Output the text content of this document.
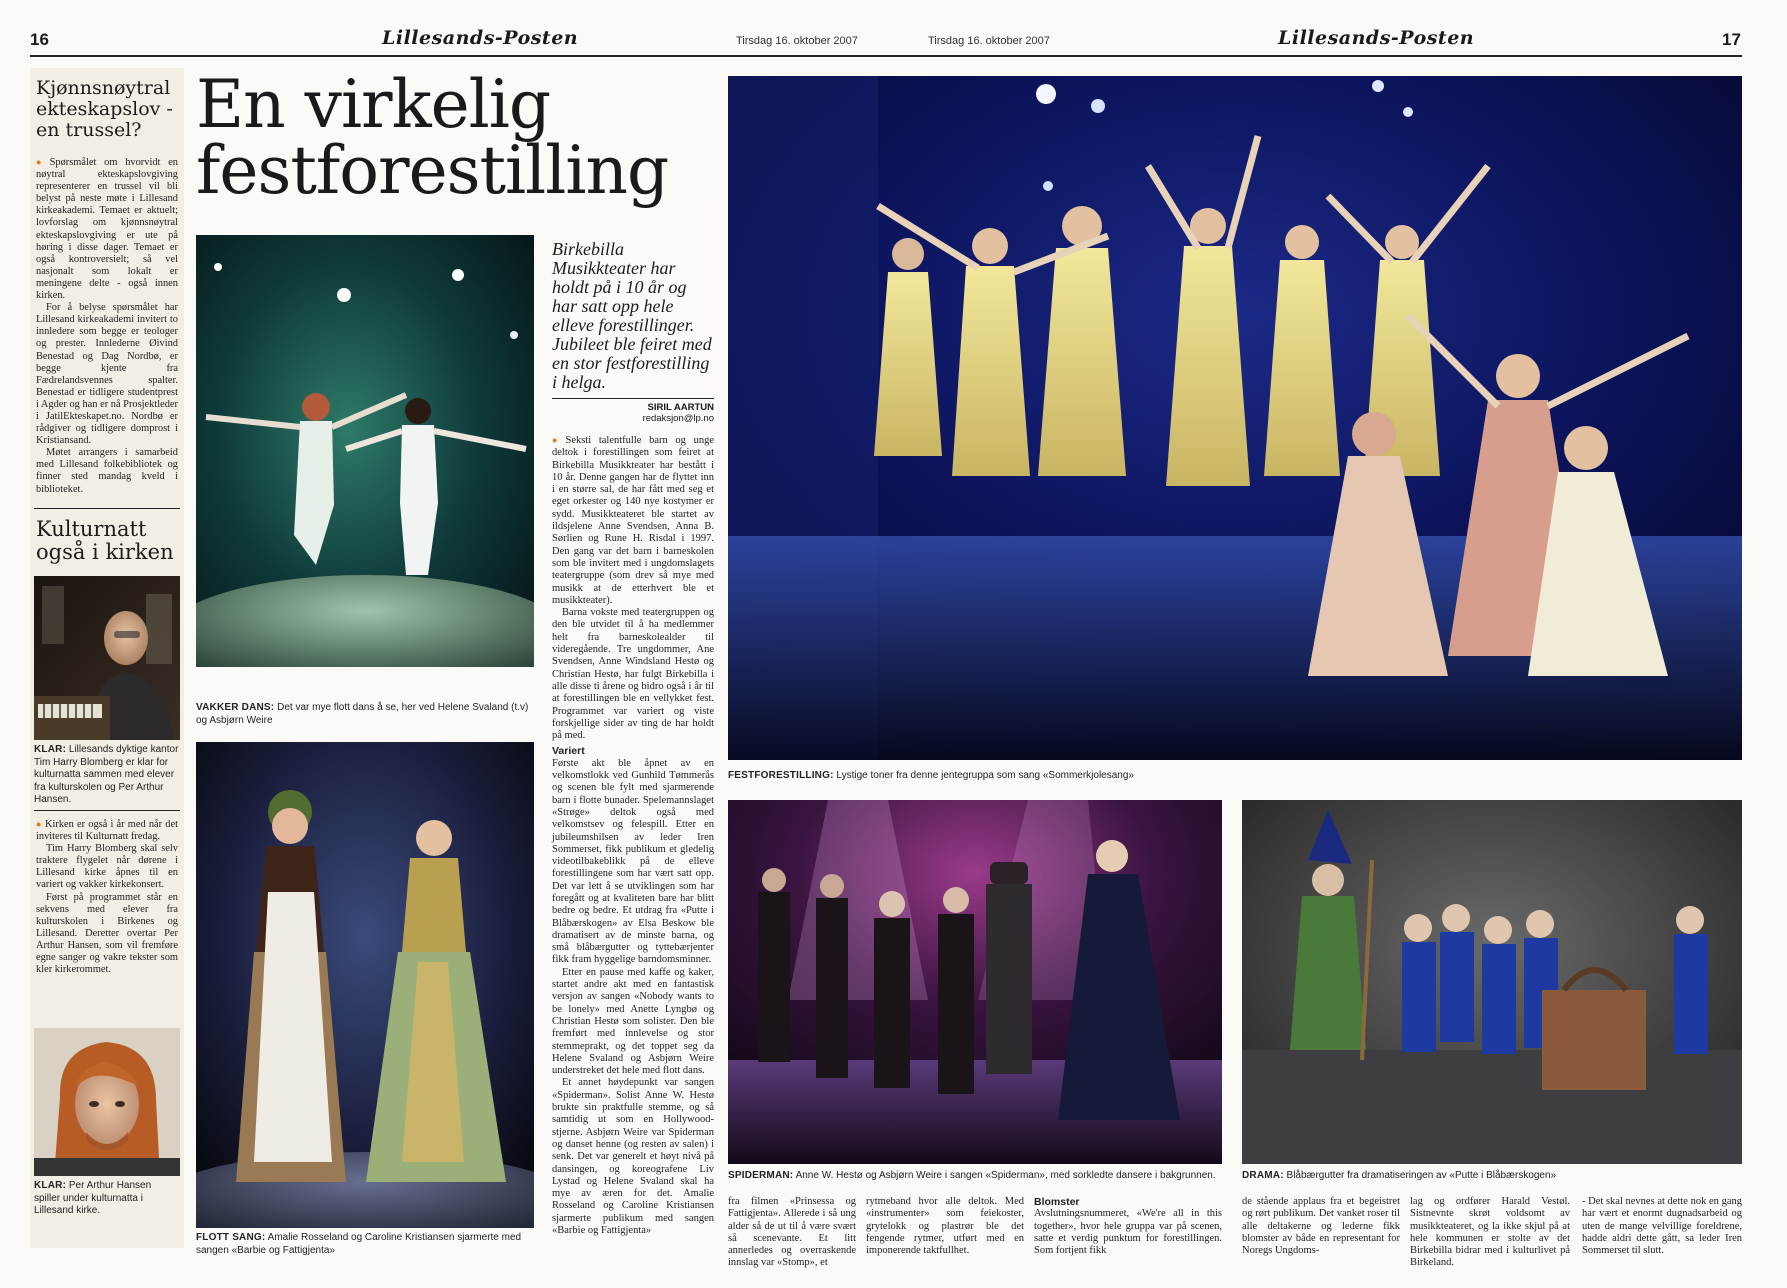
16	Lillesands-Posten	Tirsdag 16. oktober 2007	Tirsdag 16. oktober 2007	Lillesands-Posten	17
Kjønnsnøytral ekteskapslov - en trussel?

● Spørsmålet om hvorvidt en nøytral ekteskapslovgiving representerer en trussel vil bli belyst på neste møte i Lillesand kirkeakademi. Temaet er aktuelt; lovforslag om kjønnsnøytral ekteskapslovgiving er ute på høring i disse dager. Temaet er også kontroversielt; så vel nasjonalt som lokalt er meningene delte - også innen kirken.

For å belyse spørsmålet har Lillesand kirkeakademi invitert to innledere som begge er teologer og prester. Innlederne Øivind Benestad og Dag Nordbø, er begge kjente fra Fædrelandsvennes spalter. Benestad er tidligere studentprest i Agder og han er nå Prosjektleder i JatilEkteskapet.no. Nordbø er rådgiver og tidligere domprost i Kristiansand.

Møtet arrangers i samarbeid med Lillesand folkebibliotek og finner sted mandag kveld i biblioteket.

Kulturnatt også i kirken
KLAR: Lillesands dyktige kantor Tim Harry Blomberg er klar for kulturnatta sammen med elever fra kulturskolen og Per Arthur Hansen.

● Kirken er også i år med når det inviteres til Kulturnatt fredag.

Tim Harry Blomberg skal selv traktere flygelet når dørene i Lillesand kirke åpnes til en variert og vakker kirkekonsert.

Først på programmet står en sekvens med elever fra kulturskolen i Birkenes og Lillesand. Deretter overtar Per Arthur Hansen, som vil fremføre egne sanger og vakre tekster som kler kirkerommet.

KLAR: Per Arthur Hansen spiller under kulturnatta i Lillesand kirke.
En virkelig
festforestilling
VAKKER DANS: Det var mye flott dans å se, her ved Helene Svaland (t.v) og Asbjørn Weire
FLOTT SANG: Amalie Rosseland og Caroline Kristiansen sjarmerte med sangen «Barbie og Fattigjenta»
Birkebilla Musikkteater har holdt på i 10 år og har satt opp hele elleve forestillinger. Jubileet ble feiret med en stor festforestilling i helga.
SIRIL AARTUN
redaksjon@lp.no

● Seksti talentfulle barn og unge deltok i forestillingen som feiret at Birkebilla Musikkteater har bestått i 10 år. Denne gangen har de flyttet inn i en større sal, de har fått med seg et eget orkester og 140 nye kostymer er sydd. Musikkteateret ble startet av ildsjelene Anne Svendsen, Anna B. Sørlien og Rune H. Risdal i 1997. Den gang var det barn i barneskolen som ble invitert med i ungdomslagets teatergruppe (som drev så mye med musikk at de etterhvert ble et musikkteater).

Barna vokste med teatergruppen og den ble utvidet til å ha medlemmer helt fra barneskolealder til videregående. Tre ungdommer, Ane Svendsen, Anne Windsland Hestø og Christian Hestø, har fulgt Birkebilla i alle disse ti årene og bidro også i år til at forestillingen ble en vellykket fest. Programmet var variert og viste forskjellige sider av ting de har holdt på med.

Variert

Første akt ble åpnet av en velkomstlokk ved Gunhild Tømmerås og scenen ble fylt med sjarmerende barn i flotte bunader. Spelemannslaget «Strøge» deltok også med velkomstsev og felespill. Etter en jubileumshilsen av leder Iren Sommerset, fikk publikum et gledelig videotilbakeblikk på de elleve forestillingene som har vært satt opp. Det var lett å se utviklingen som har foregått og at kvaliteten bare har blitt bedre og bedre. Et utdrag fra «Putte i Blåbærskogen» av Elsa Beskow ble dramatisert av de minste barna, og små blåbærgutter og tyttebærjenter fikk fram hyggelige barndomsminner.

Etter en pause med kaffe og kaker, startet andre akt med en fantastisk versjon av sangen «Nobody wants to be lonely» med Anette Lyngbø og Christian Hestø som solister. Den ble fremført med innlevelse og stor stemmeprakt, og det toppet seg da Helene Svaland og Asbjørn Weire understreket det hele med flott dans.

Et annet høydepunkt var sangen «Spiderman». Solist Anne W. Hestø brukte sin praktfulle stemme, og så samtidig ut som en Hollywood-stjerne. Asbjørn Weire var Spiderman og danset henne (og resten av salen) i senk. Det var generelt et høyt nivå på dansingen, og koreografene Liv Lystad og Helene Svaland skal ha mye av æren for det. Amalie Rosseland og Caroline Kristiansen sjarmerte publikum med sangen «Barbie og Fattigjenta»

FESTFORESTILLING: Lystige toner fra denne jentegruppa som sang «Sommerkjolesang»
SPIDERMAN: Anne W. Hestø og Asbjørn Weire i sangen «Spiderman», med sorkledte dansere i bakgrunnen.	DRAMA: Blåbærgutter fra dramatiseringen av «Putte i Blåbærskogen»
fra filmen «Prinsessa og Fattigjenta». Allerede i så ung alder så de ut til å være svært så scenevante. Et litt annerledes og overraskende innslag var «Stomp», et
rytmeband hvor alle deltok. Med «instrumenter» som feiekoster, grytelokk og plastrør ble det fengende rytmer, utført med en imponerende taktfullhet.
Blomster

Avslutningsnummeret, «We're all in this together», hvor hele gruppa var på scenen, satte et verdig punktum for forestillingen. Som fortjent fikk

de stående applaus fra et begeistret og rørt publikum. Det vanket roser til alle deltakerne og lederne fikk blomster av både en representant for Noregs Ungdoms-
lag og ordfører Harald Vestøl. Sistnevnte skrøt voldsomt av musikkteateret, og la ikke skjul på at hele kommunen er stolte av det Birkebilla bidrar med i kulturlivet på Birkeland.
- Det skal nevnes at dette nok en gang har vært et enormt dugnadsarbeid og uten de mange velvillige foreldrene, hadde aldri dette gått, sa leder Iren Sommerset til slutt.
